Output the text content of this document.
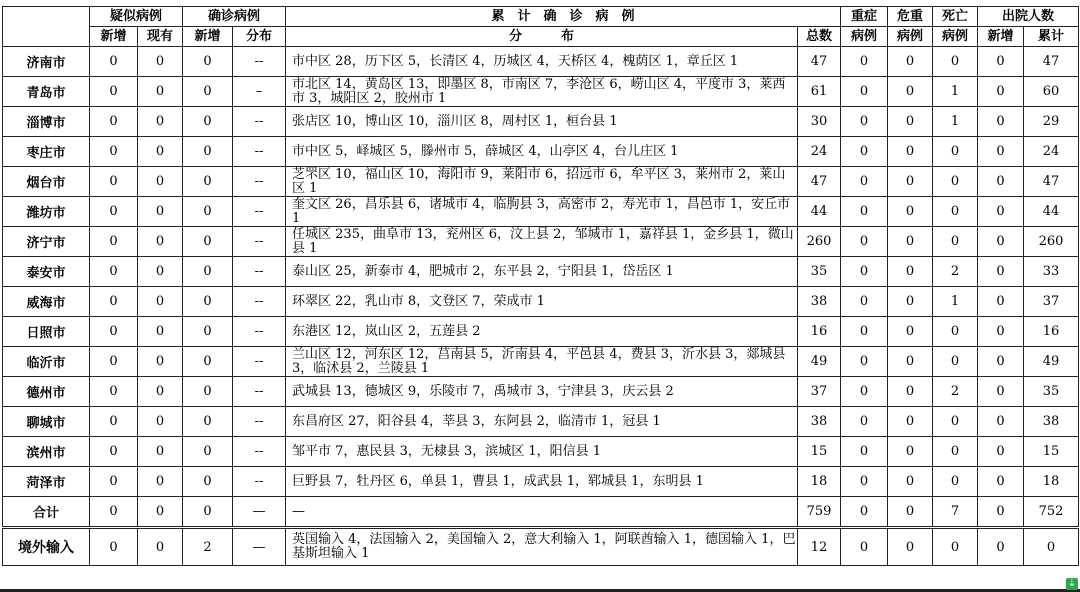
	疑似病例		确诊病例		累　计　确　诊　病　例		重症	危重	死亡	出院人数	
	新增	现有	新增	分布	分　　　布	总数	病例	病例	病例	新增	累计
济南市	0	0	0	--	市中区 28，历下区 5，长清区 4，历城区 4，天桥区 4，槐荫区 1，章丘区 1	47	0	0	0	0	47
青岛市	0	0	0	–	市北区 14，黄岛区 13，即墨区 8，市南区 7，李沧区 6，崂山区 4，平度市 3，莱西市 3，城阳区 2，胶州市 1	61	0	0	1	0	60
淄博市	0	0	0	--	张店区 10，博山区 10，淄川区 8，周村区 1，桓台县 1	30	0	0	1	0	29
枣庄市	0	0	0	--	市中区 5，峄城区 5，滕州市 5，薛城区 4，山亭区 4，台儿庄区 1	24	0	0	0	0	24
烟台市	0	0	0	--	芝罘区 10，福山区 10，海阳市 9，莱阳市 6，招远市 6，牟平区 3，莱州市 2，莱山区 1	47	0	0	0	0	47
潍坊市	0	0	0	--	奎文区 26，昌乐县 6，诸城市 4，临朐县 3，高密市 2，寿光市 1，昌邑市 1，安丘市 1	44	0	0	0	0	44
济宁市	0	0	0	--	任城区 235，曲阜市 13，兖州区 6，汶上县 2，邹城市 1，嘉祥县 1，金乡县 1，微山县 1	260	0	0	0	0	260
泰安市	0	0	0	--	泰山区 25，新泰市 4，肥城市 2，东平县 2，宁阳县 1，岱岳区 1	35	0	0	2	0	33
威海市	0	0	0	--	环翠区 22，乳山市 8，文登区 7，荣成市 1	38	0	0	1	0	37
日照市	0	0	0	--	东港区 12，岚山区 2，五莲县 2	16	0	0	0	0	16
临沂市	0	0	0	--	兰山区 12，河东区 12，莒南县 5，沂南县 4，平邑县 4，费县 3，沂水县 3，郯城县 3，临沭县 2，兰陵县 1	49	0	0	0	0	49
德州市	0	0	0	--	武城县 13，德城区 9，乐陵市 7，禹城市 3，宁津县 3，庆云县 2	37	0	0	2	0	35
聊城市	0	0	0	--	东昌府区 27，阳谷县 4，莘县 3，东阿县 2，临清市 1，冠县 1	38	0	0	0	0	38
滨州市	0	0	0	--	邹平市 7，惠民县 3，无棣县 3，滨城区 1，阳信县 1	15	0	0	0	0	15
菏泽市	0	0	0	--	巨野县 7，牡丹区 6，单县 1，曹县 1，成武县 1，郓城县 1，东明县 1	18	0	0	0	0	18
合计	0	0	0	—	—	759	0	0	7	0	752
境外输入	0	0	2	—	英国输入 4，法国输入 2，美国输入 2，意大利输入 1，阿联酋输入 1，德国输入 1，巴基斯坦输入 1	12	0	0	0	0	0
⇣
